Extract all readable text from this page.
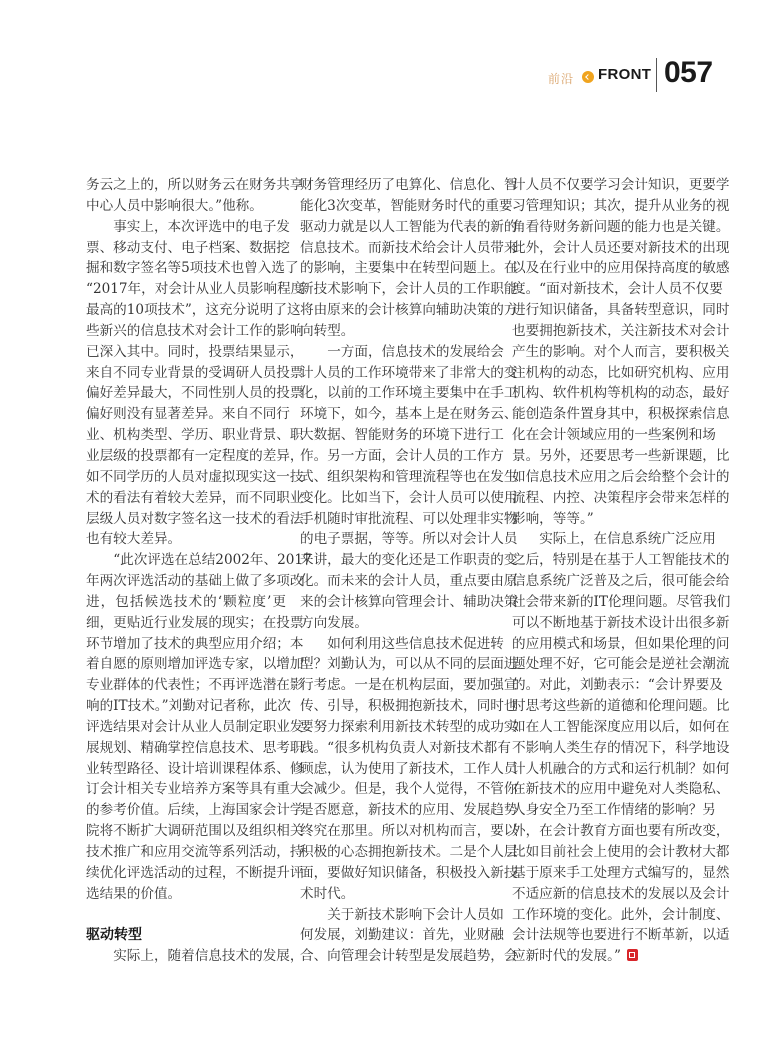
前沿 FRONT 057

务云之上的，所以财务云在财务共享
中心人员中影响很大。”他称。

事实上，本次评选中的电子发
票、移动支付、电子档案、数据挖
掘和数字签名等5项技术也曾入选了
“2017年，对会计从业人员影响程度
最高的10项技术”，这充分说明了这
些新兴的信息技术对会计工作的影响
已深入其中。同时，投票结果显示，
来自不同专业背景的受调研人员投票
偏好差异最大，不同性别人员的投票
偏好则没有显著差异。来自不同行
业、机构类型、学历、职业背景、职
业层级的投票都有一定程度的差异，
如不同学历的人员对虚拟现实这一技
术的看法有着较大差异，而不同职业
层级人员对数字签名这一技术的看法
也有较大差异。

“此次评选在总结2002年、2017
年两次评选活动的基础上做了多项改
进，包括候选技术的‘颗粒度’更
细，更贴近行业发展的现实；在投票
环节增加了技术的典型应用介绍；本
着自愿的原则增加评选专家，以增加
专业群体的代表性；不再评选潜在影
响的IT技术。”刘勤对记者称，此次
评选结果对会计从业人员制定职业发
展规划、精确掌控信息技术、思考职
业转型路径、设计培训课程体系、修
订会计相关专业培养方案等具有重大
的参考价值。后续，上海国家会计学
院将不断扩大调研范围以及组织相关
技术推广和应用交流等系列活动，持
续优化评选活动的过程，不断提升评
选结果的价值。

驱动转型

实际上，随着信息技术的发展，

财务管理经历了电算化、信息化、智
能化3次变革，智能财务时代的重要
驱动力就是以人工智能为代表的新的
信息技术。而新技术给会计人员带来
的影响，主要集中在转型问题上。在
新技术影响下，会计人员的工作职能
将由原来的会计核算向辅助决策的方
向转型。

一方面，信息技术的发展给会
计人员的工作环境带来了非常大的变
化，以前的工作环境主要集中在手工
环境下，如今，基本上是在财务云、
大数据、智能财务的环境下进行工
作。另一方面，会计人员的工作方
式、组织架构和管理流程等也在发生
变化。比如当下，会计人员可以使用
手机随时审批流程、可以处理非实物
的电子票据，等等。所以对会计人员
来讲，最大的变化还是工作职责的变
化。而未来的会计人员，重点要由原
来的会计核算向管理会计、辅助决策
方向发展。

如何利用这些信息技术促进转
型？刘勤认为，可以从不同的层面进
行考虑。一是在机构层面，要加强宣
传、引导，积极拥抱新技术，同时也
要努力探索利用新技术转型的成功实
践。“很多机构负责人对新技术都有
顾虑，认为使用了新技术，工作人员
会减少。但是，我个人觉得，不管你
是否愿意，新技术的应用、发展趋势
终究在那里。所以对机构而言，要以
积极的心态拥抱新技术。二是个人层
面，要做好知识储备，积极投入新技
术时代。

关于新技术影响下会计人员如
何发展，刘勤建议：首先，业财融
合、向管理会计转型是发展趋势，会

计人员不仅要学习会计知识，更要学
习管理知识；其次，提升从业务的视
角看待财务新问题的能力也是关键。
此外，会计人员还要对新技术的出现
以及在行业中的应用保持高度的敏感
度。“面对新技术，会计人员不仅要
进行知识储备，具备转型意识，同时
也要拥抱新技术，关注新技术对会计
产生的影响。对个人而言，要积极关
注机构的动态，比如研究机构、应用
机构、软件机构等机构的动态，最好
能创造条件置身其中，积极探索信息
化在会计领域应用的一些案例和场
景。另外，还要思考一些新课题，比
如信息技术应用之后会给整个会计的
流程、内控、决策程序会带来怎样的
影响，等等。”

实际上，在信息系统广泛应用
之后，特别是在基于人工智能技术的
信息系统广泛普及之后，很可能会给
社会带来新的IT伦理问题。尽管我们
可以不断地基于新技术设计出很多新
的应用模式和场景，但如果伦理的问
题处理不好，它可能会是逆社会潮流
的。对此，刘勤表示：“会计界要及
时思考这些新的道德和伦理问题。比
如在人工智能深度应用以后，如何在
不影响人类生存的情况下，科学地设
计人机融合的方式和运行机制？如何
在新技术的应用中避免对人类隐私、
人身安全乃至工作情绪的影响？另
外，在会计教育方面也要有所改变，
比如目前社会上使用的会计教材大都
基于原来手工处理方式编写的，显然
不适应新的信息技术的发展以及会计
工作环境的变化。此外，会计制度、
会计法规等也要进行不断革新，以适
应新时代的发展。”
